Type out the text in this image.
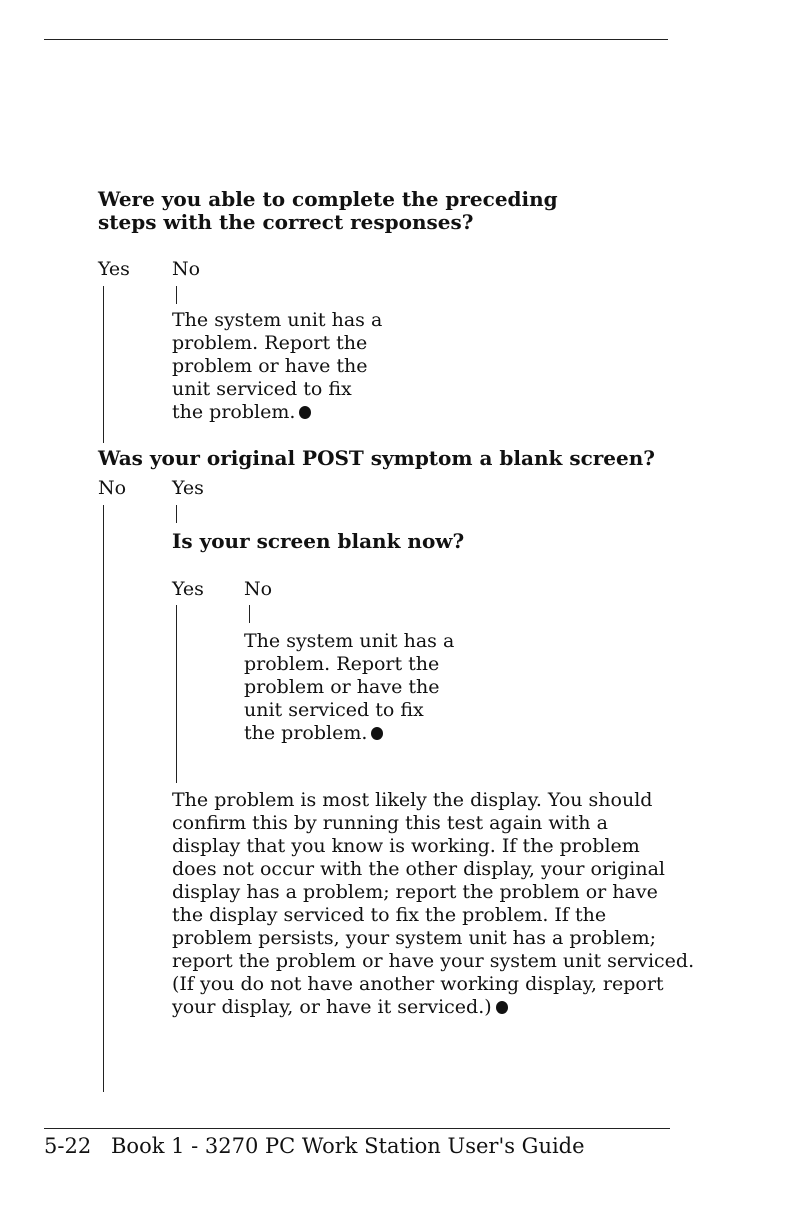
Were you able to complete the preceding
steps with the correct responses?
Yes No
The system unit has a
problem. Report the
problem or have the
unit serviced to fix
the problem.
Was your original POST symptom a blank screen?
No Yes
Is your screen blank now?
Yes No
The system unit has a
problem. Report the
problem or have the
unit serviced to fix
the problem.
The problem is most likely the display. You should
confirm this by running this test again with a
display that you know is working. If the problem
does not occur with the other display, your original
display has a problem; report the problem or have
the display serviced to fix the problem. If the
problem persists, your system unit has a problem;
report the problem or have your system unit serviced.
(If you do not have another working display, report
your display, or have it serviced.)
5-22 Book 1 - 3270 PC Work Station User's Guide
